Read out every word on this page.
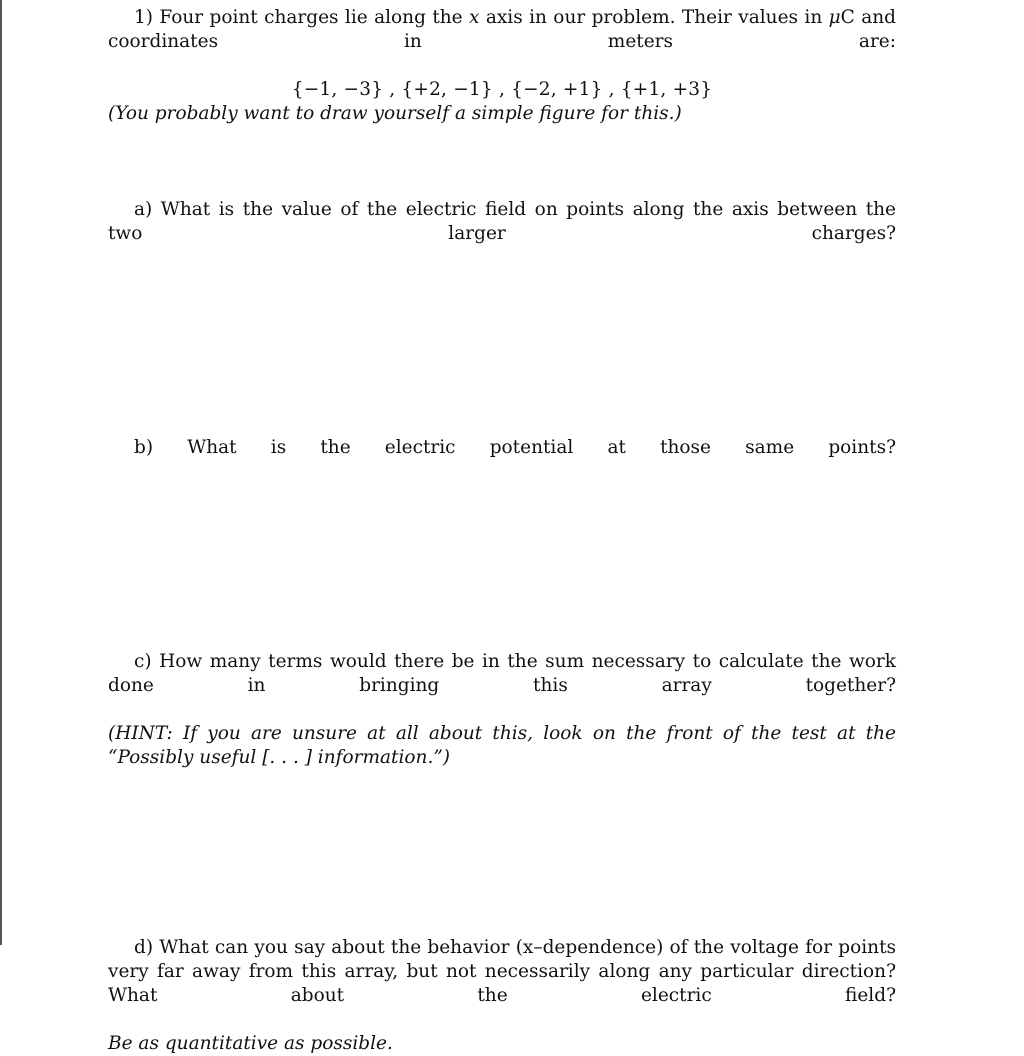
1) Four point charges lie along the x axis in our problem. Their values in μC and coordinates in meters are:

{−1, −3} , {+2, −1} , {−2, +1} , {+1, +3}

(You probably want to draw yourself a simple figure for this.)

a) What is the value of the electric field on points along the axis between the two larger charges?

b) What is the electric potential at those same points?

c) How many terms would there be in the sum necessary to calculate the work done in bringing this array together?

(HINT: If you are unsure at all about this, look on the front of the test at the “Possibly useful [. . . ] information.”)

d) What can you say about the behavior (x–dependence) of the voltage for points very far away from this array, but not necessarily along any particular direction? What about the electric field?

Be as quantitative as possible.
